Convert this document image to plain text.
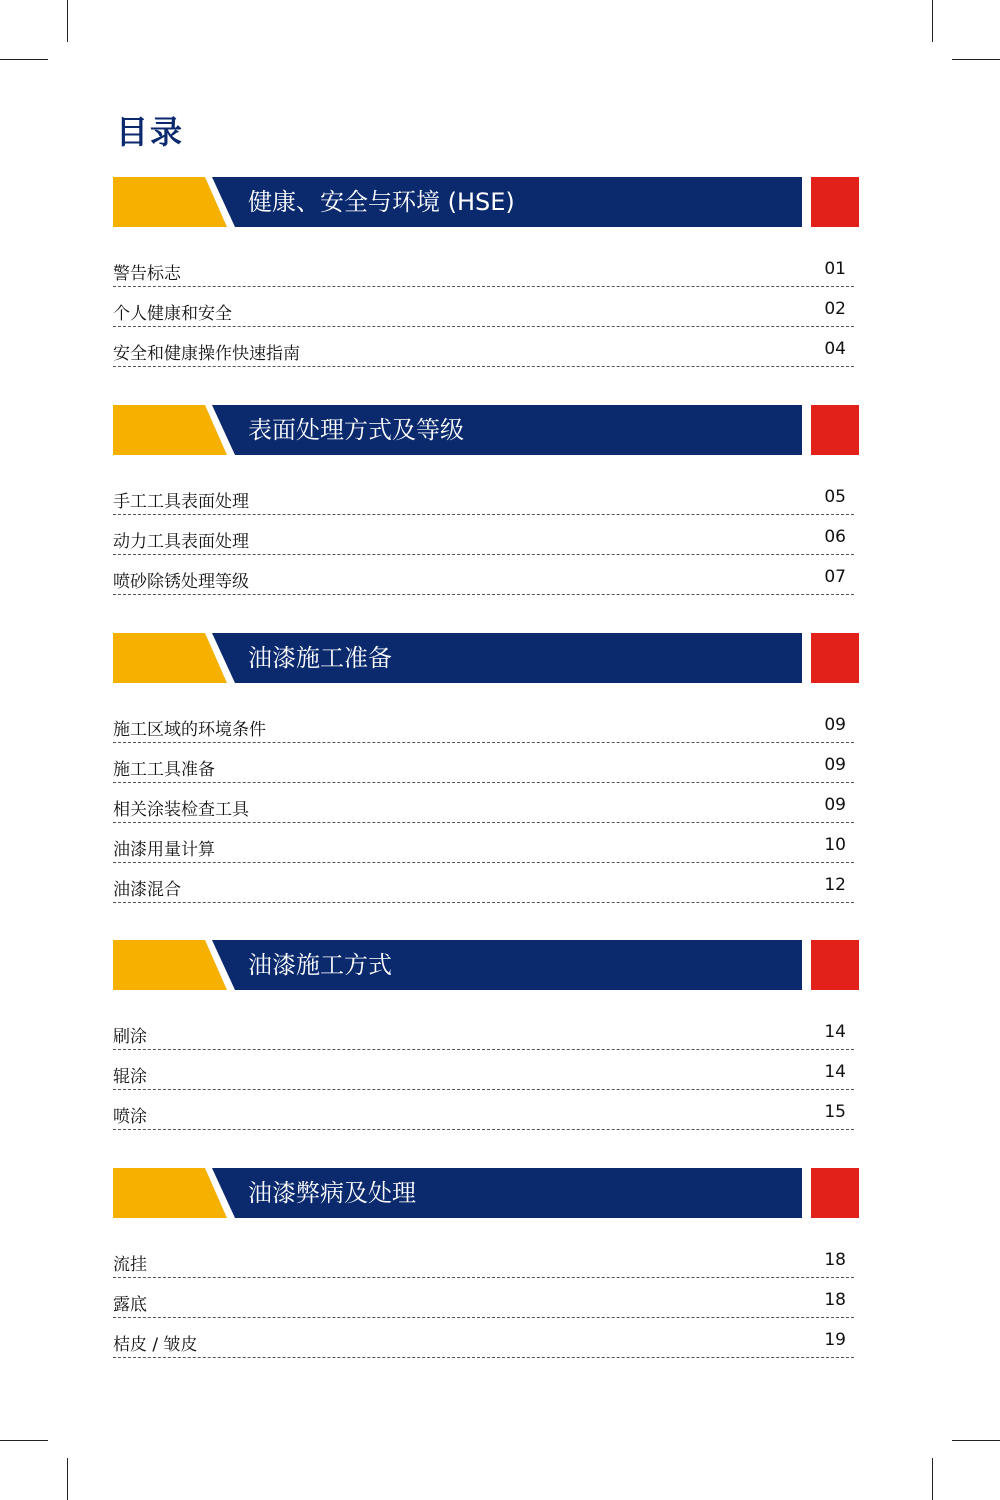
目录
健康、安全与环境 (HSE)
警告标志	01
个人健康和安全	02
安全和健康操作快速指南	04
表面处理方式及等级
手工工具表面处理	05
动力工具表面处理	06
喷砂除锈处理等级	07
油漆施工准备
施工区域的环境条件	09
施工工具准备	09
相关涂装检查工具	09
油漆用量计算	10
油漆混合	12
油漆施工方式
刷涂	14
辊涂	14
喷涂	15
油漆弊病及处理
流挂	18
露底	18
桔皮 / 皱皮	19
